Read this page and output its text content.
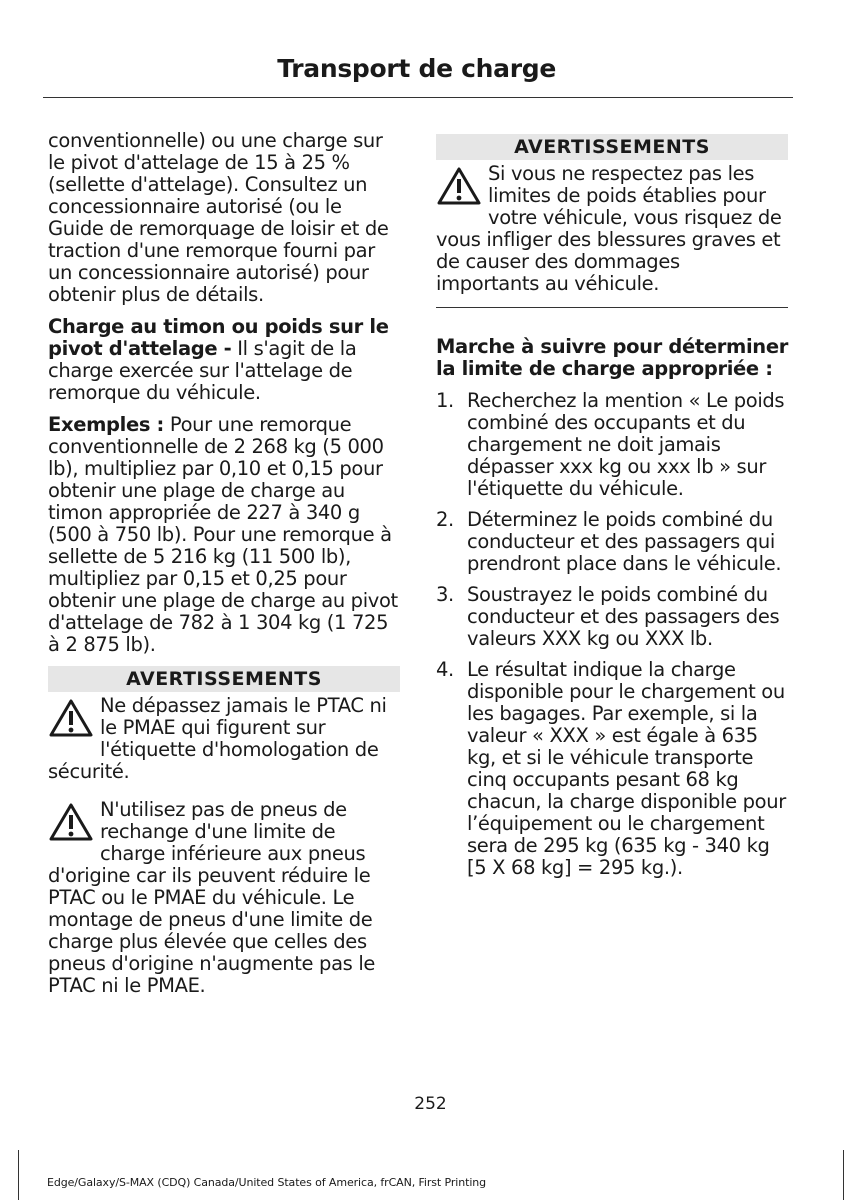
Transport de charge

conventionnelle) ou une charge sur le pivot d'attelage de 15 à 25 % (sellette d'attelage). Consultez un concessionnaire autorisé (ou le Guide de remorquage de loisir et de traction d'une remorque fourni par un concessionnaire autorisé) pour obtenir plus de détails.

Charge au timon ou poids sur le pivot d'attelage - Il s'agit de la charge exercée sur l'attelage de remorque du véhicule.

Exemples : Pour une remorque conventionnelle de 2 268 kg (5 000 lb), multipliez par 0,10 et 0,15 pour obtenir une plage de charge au timon appropriée de 227 à 340 g (500 à 750 lb). Pour une remorque à sellette de 5 216 kg (11 500 lb), multipliez par 0,15 et 0,25 pour obtenir une plage de charge au pivot d'attelage de 782 à 1 304 kg (1 725 à 2 875 lb).

AVERTISSEMENTS
Ne dépassez jamais le PTAC ni le PMAE qui figurent sur l'étiquette d'homologation de sécurité.
N'utilisez pas de pneus de rechange d'une limite de charge inférieure aux pneus d'origine car ils peuvent réduire le PTAC ou le PMAE du véhicule. Le montage de pneus d'une limite de charge plus élevée que celles des pneus d'origine n'augmente pas le PTAC ni le PMAE.
AVERTISSEMENTS
Si vous ne respectez pas les limites de poids établies pour votre véhicule, vous risquez de vous infliger des blessures graves et de causer des dommages importants au véhicule.
Marche à suivre pour déterminer la limite de charge appropriée :
1. Recherchez la mention « Le poids combiné des occupants et du chargement ne doit jamais dépasser xxx kg ou xxx lb » sur l'étiquette du véhicule.
2. Déterminez le poids combiné du conducteur et des passagers qui prendront place dans le véhicule.
3. Soustrayez le poids combiné du conducteur et des passagers des valeurs XXX kg ou XXX lb.
4. Le résultat indique la charge disponible pour le chargement ou les bagages. Par exemple, si la valeur « XXX » est égale à 635 kg, et si le véhicule transporte cinq occupants pesant 68 kg chacun, la charge disponible pour l’équipement ou le chargement sera de 295 kg (635 kg - 340 kg [5 X 68 kg] = 295 kg.).
252
Edge/Galaxy/S-MAX (CDQ) Canada/United States of America, frCAN, First Printing
